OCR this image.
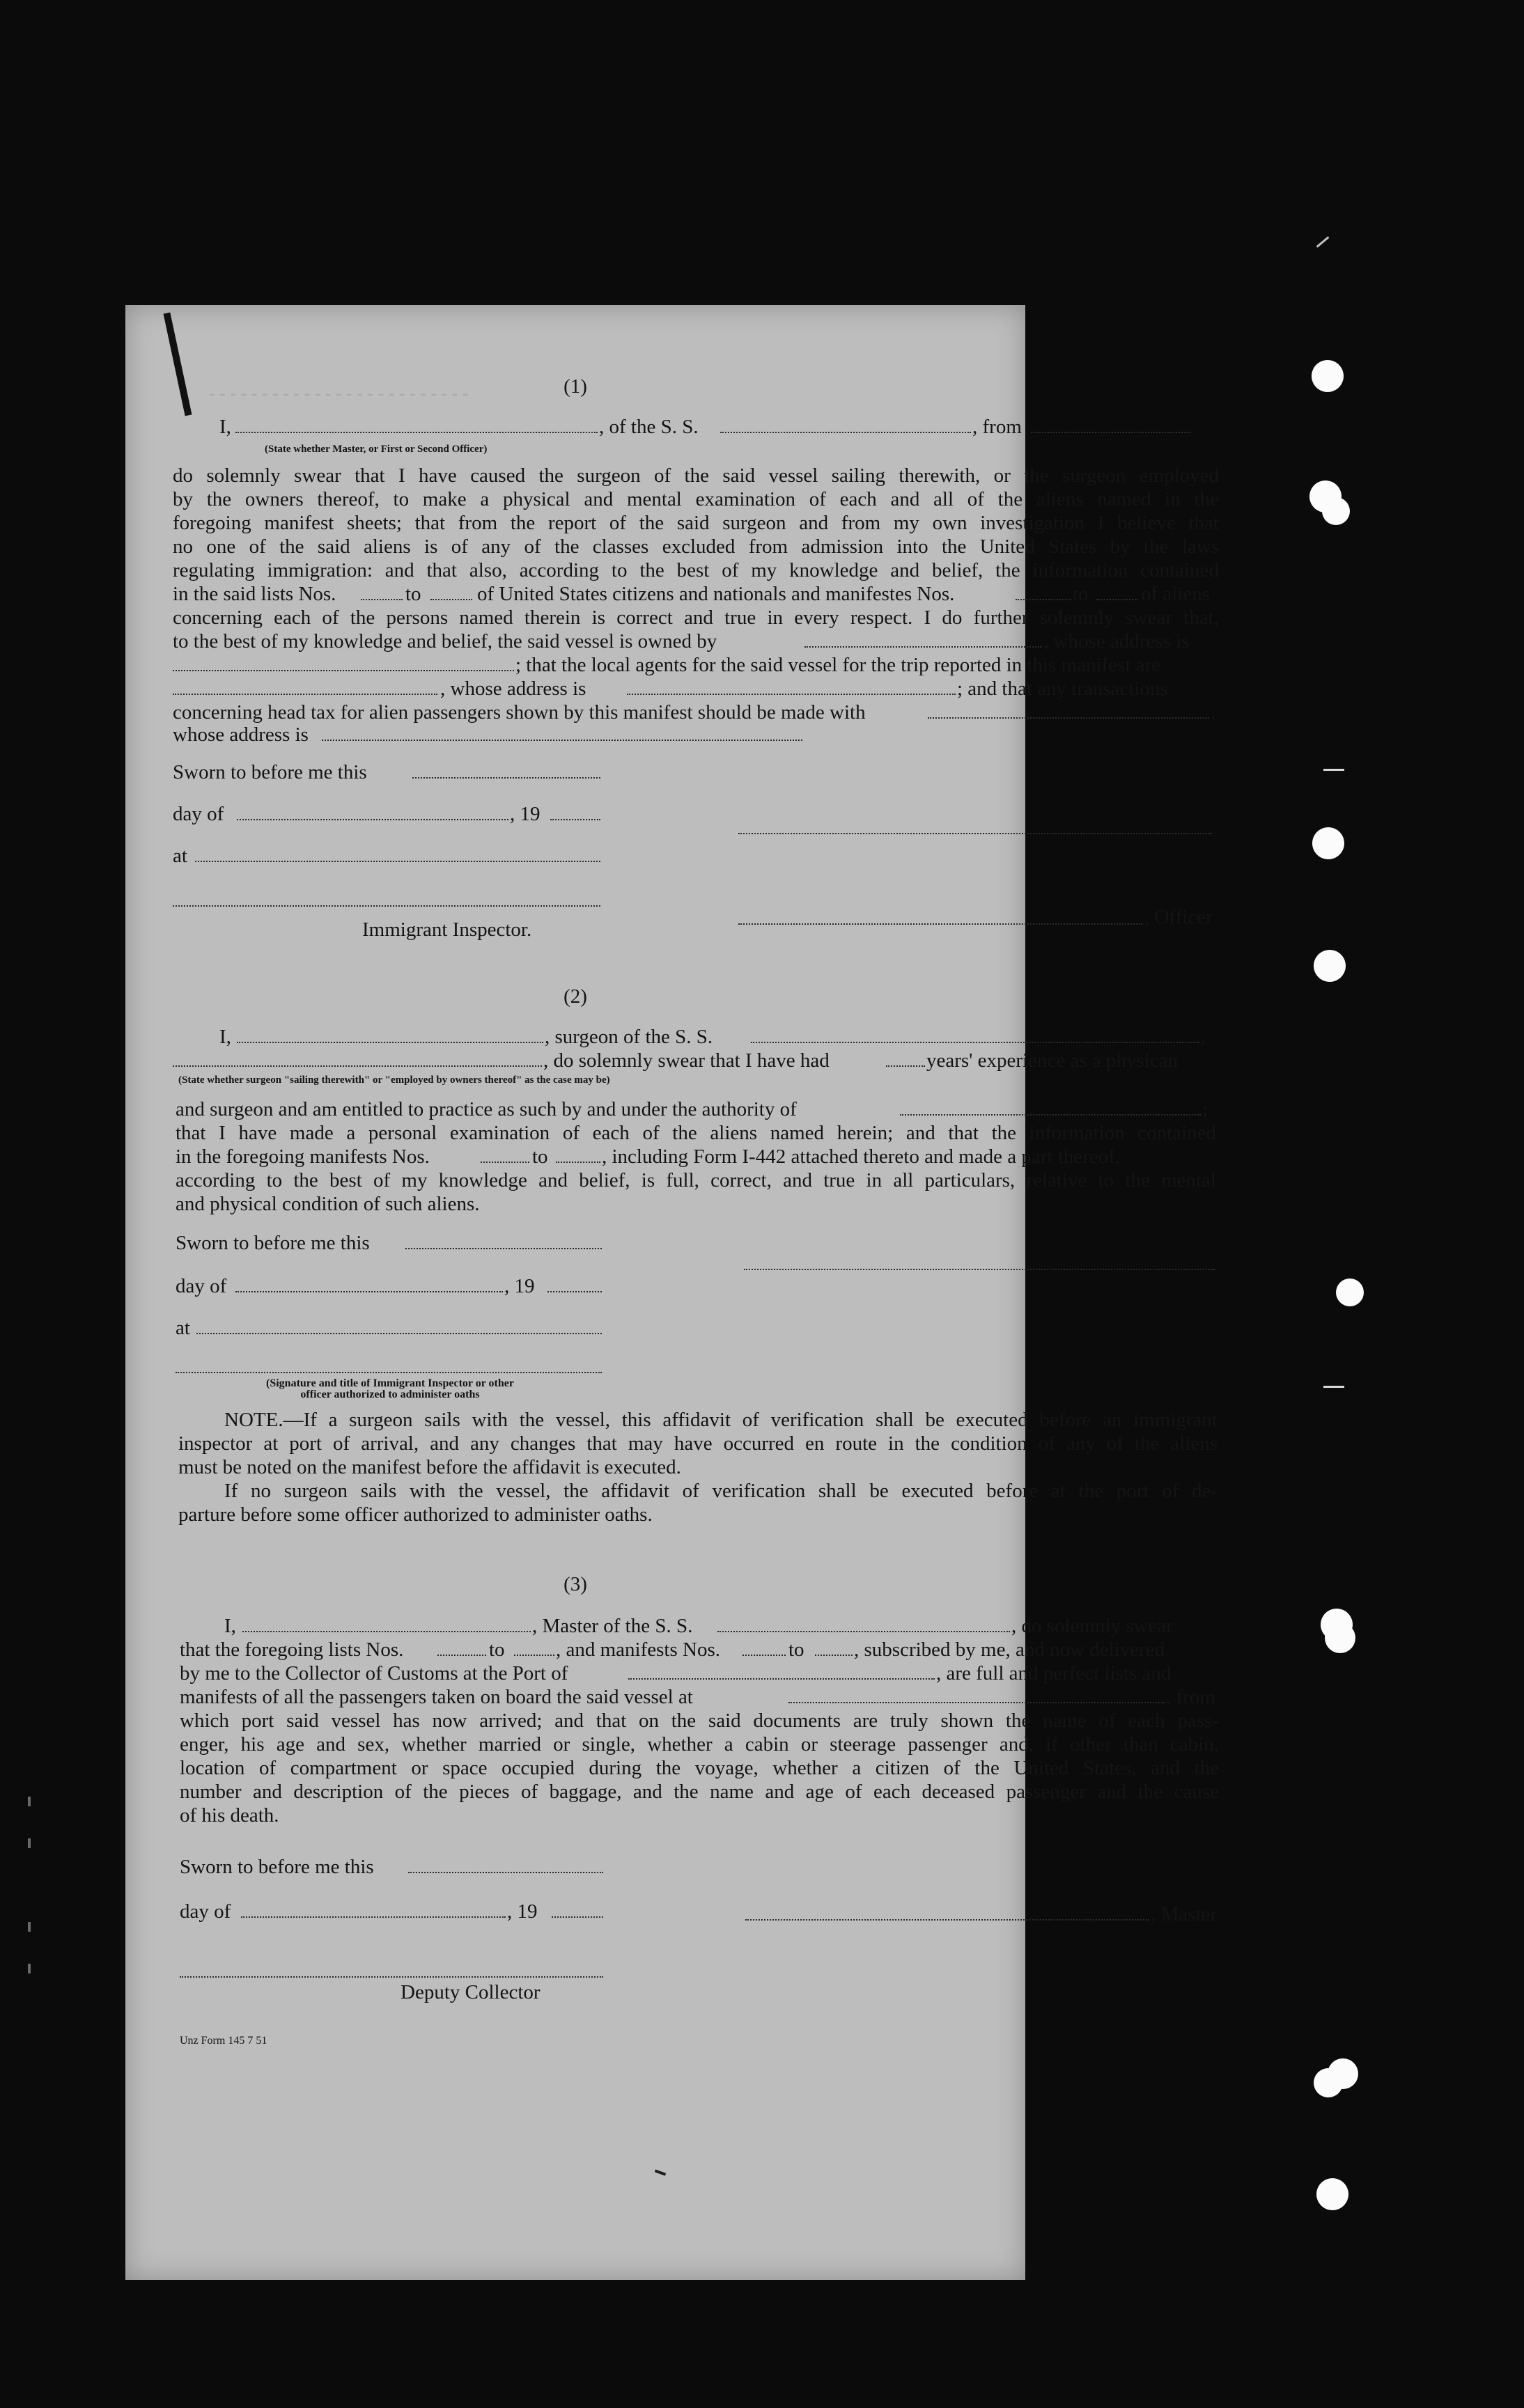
- - - - - - - - - - - - - - - - - - - - - - - - -	(1)
I,	, of the S. S.	, from
(State whether Master, or First or Second Officer)
do solemnly swear that I have caused the surgeon of the said vessel sailing therewith, or the surgeon employed
by the owners thereof, to make a physical and mental examination of each and all of the aliens named in the
foregoing manifest sheets; that from the report of the said surgeon and from my own investigation I believe that
no one of the said aliens is of any of the classes excluded from admission into the United States by the laws
regulating immigration: and that also, according to the best of my knowledge and belief, the information contained
in the said lists Nos.	to	of United States citizens and nationals and manifestes Nos.	to	of aliens
concerning each of the persons named therein is correct and true in every respect. I do further solemnly swear that,
to the best of my knowledge and belief, the said vessel is owned by	, whose address is
; that the local agents for the said vessel for the trip reported in this manifest are
, whose address is	; and that any transactions
concerning head tax for alien passengers shown by this manifest should be made with	.
whose address is
Sworn to before me this
day of	, 19
at
, Officer
Immigrant Inspector.
(2)
I,	, surgeon of the S. S.	,
, do solemnly swear that I have had	years' experience as a physican
(State whether surgeon "sailing therewith" or "employed by owners thereof" as the case may be)
and surgeon and am entitled to practice as such by and under the authority of	;
that I have made a personal examination of each of the aliens named herein; and that the information contained
in the foregoing manifests Nos.	to	, including Form I-442 attached thereto and made a part thereof,
according to the best of my knowledge and belief, is full, correct, and true in all particulars, relative to the mental
and physical condition of such aliens.
Sworn to before me this
day of	, 19
at
(Signature and title of Immigrant Inspector or other
officer authorized to administer oaths
NOTE.—If a surgeon sails with the vessel, this affidavit of verification shall be executed before an immigrant
inspector at port of arrival, and any changes that may have occurred en route in the condition of any of the aliens
must be noted on the manifest before the affidavit is executed.
If no surgeon sails with the vessel, the affidavit of verification shall be executed before at the port of de-
parture before some officer authorized to administer oaths.
(3)
I,	, Master of the S. S.	, do solemnly swear
that the foregoing lists Nos.	to	, and manifests Nos.	to , subscribed by me, and now delivered
by me to the Collector of Customs at the Port of	, are full and perfect lists and
manifests of all the passengers taken on board the said vessel at	, from
which port said vessel has now arrived; and that on the said documents are truly shown the name of each pass-
enger, his age and sex, whether married or single, whether a cabin or steerage passenger and, if other than cabin,
location of compartment or space occupied during the voyage, whether a citizen of the United States, and the
number and description of the pieces of baggage, and the name and age of each deceased passenger and the cause
of his death.
Sworn to before me this
day of	, 19	, Master
Deputy Collector
Unz Form 145 7 51
